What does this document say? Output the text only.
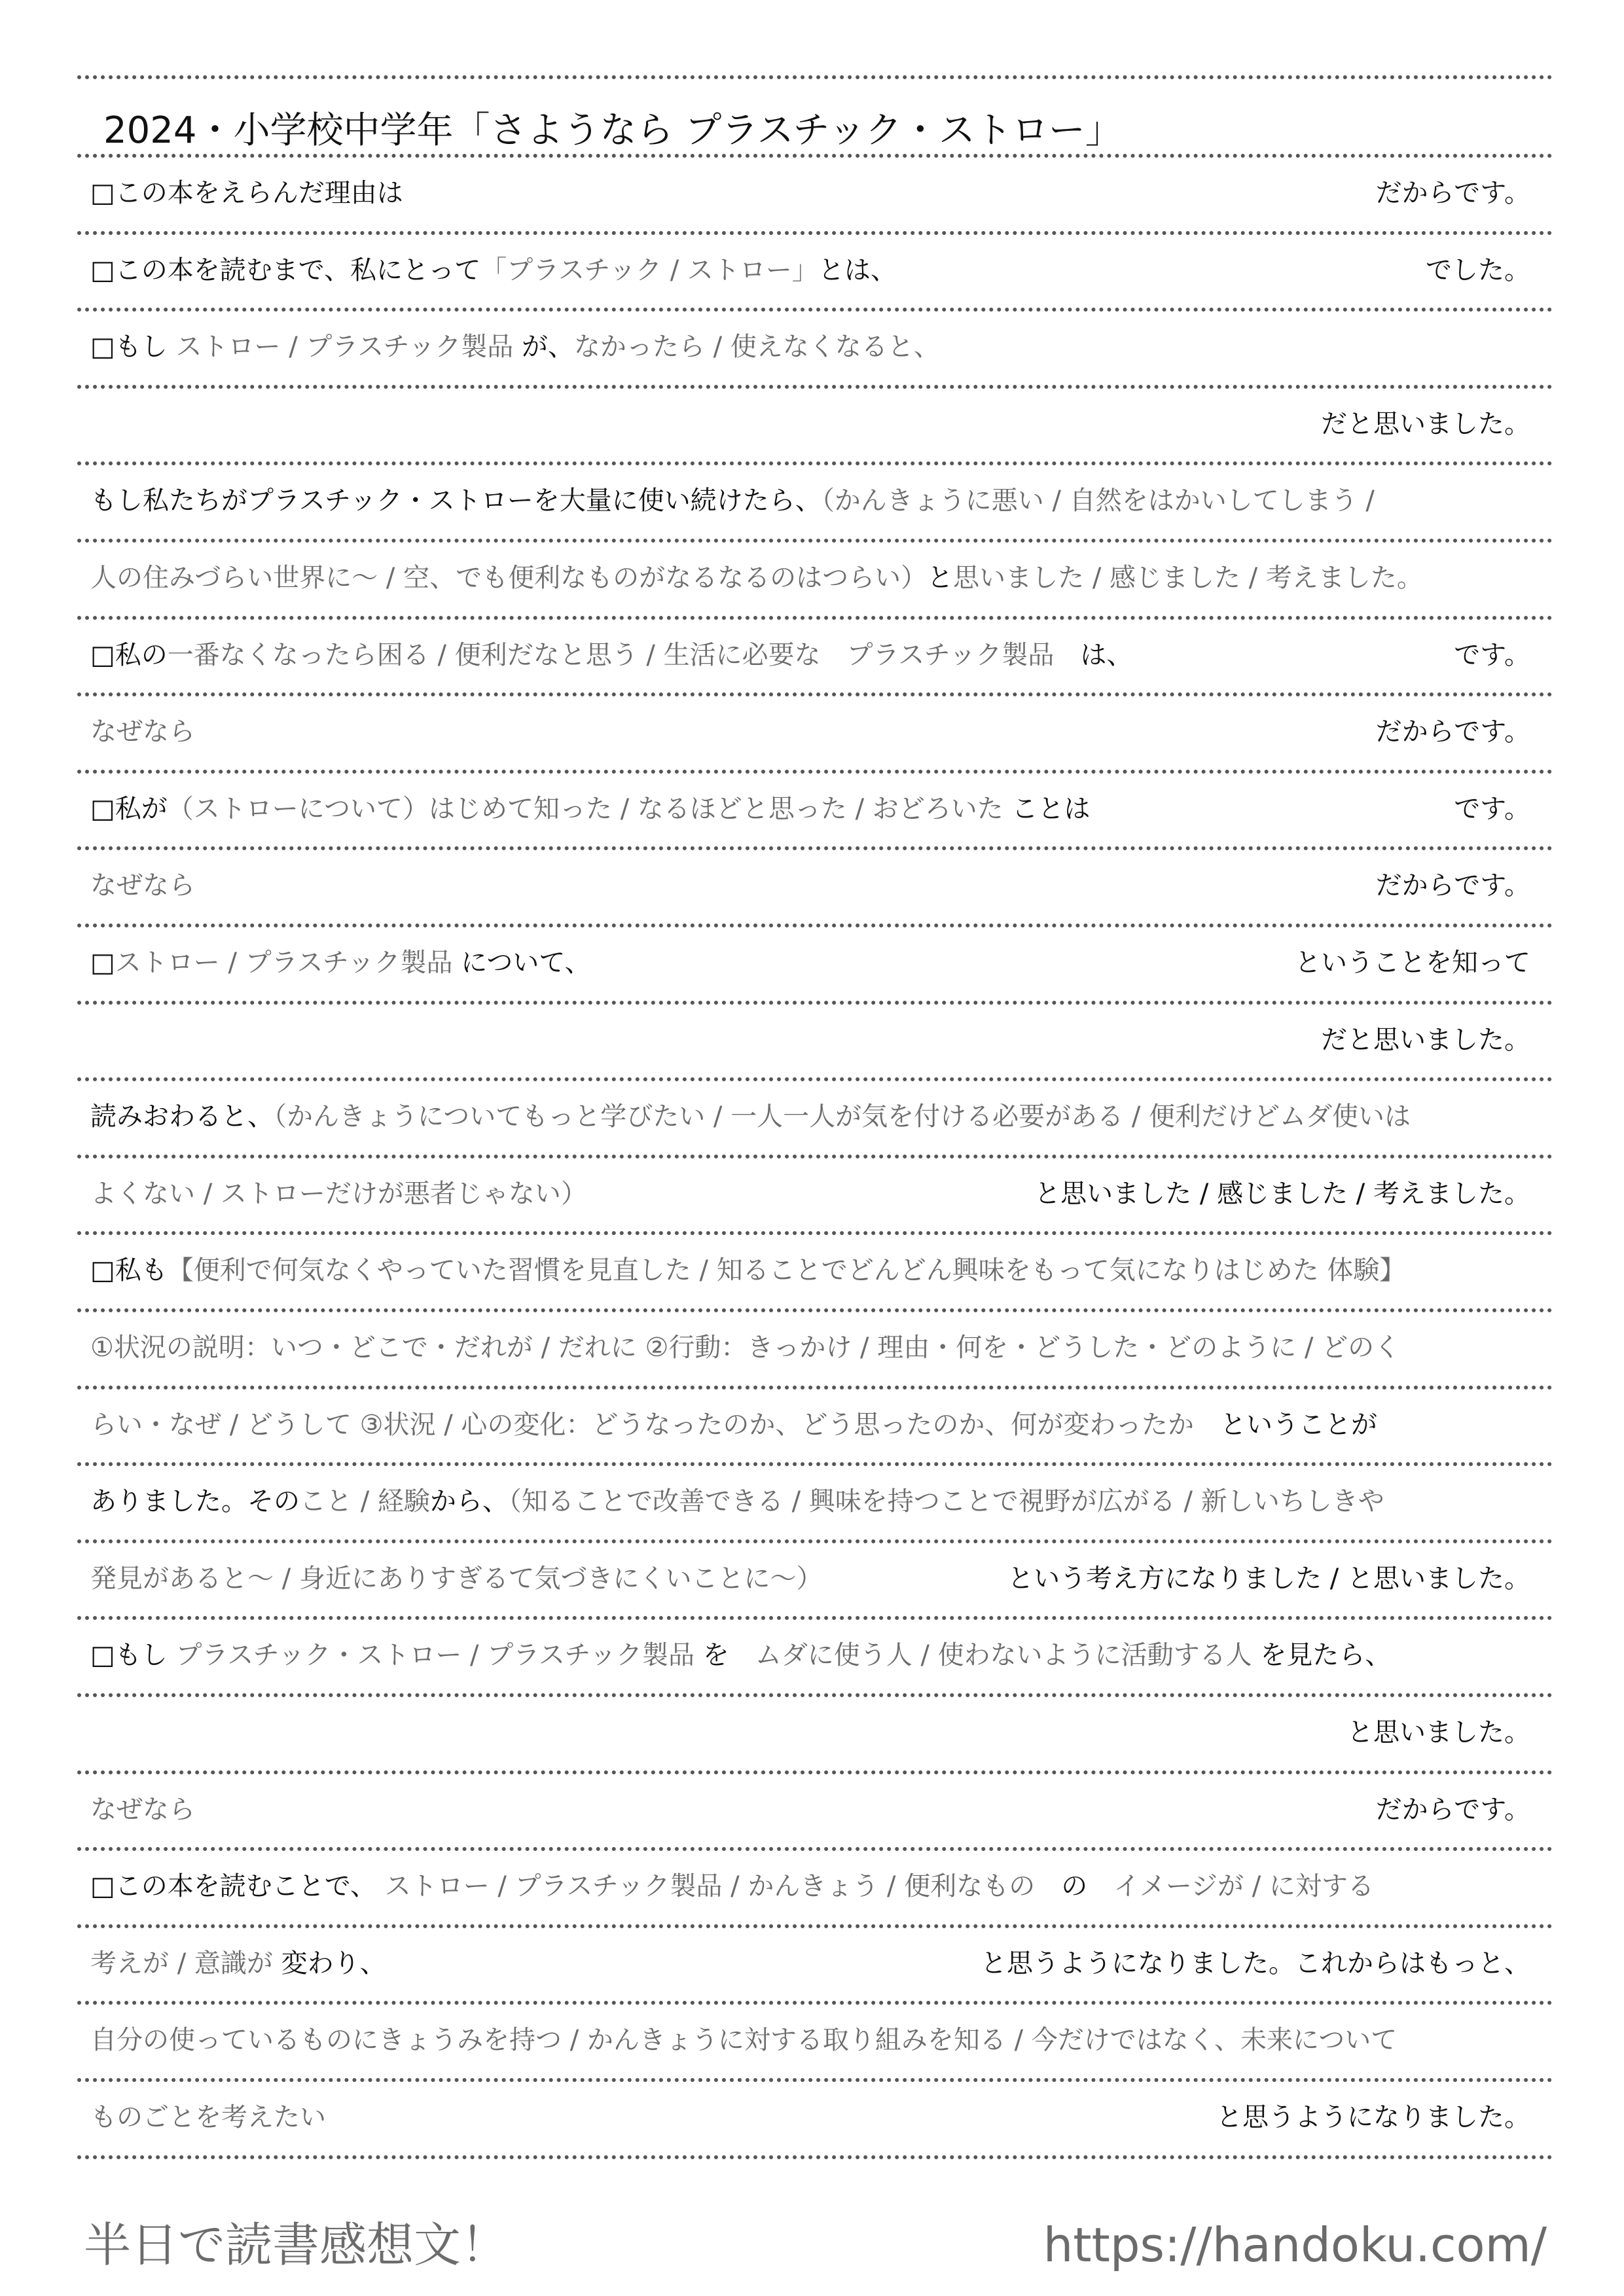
2024・小学校中学年「さようなら プラスチック・ストロー」
□この本をえらんだ理由は	だからです。
□この本を読むまで、私にとって「プラスチック / ストロー」とは、	でした。
□もし ストロー / プラスチック製品 が、なかったら / 使えなくなると、
だと思いました。
もし私たちがプラスチック・ストローを大量に使い続けたら、（かんきょうに悪い / 自然をはかいしてしまう /
人の住みづらい世界に〜 / 空、でも便利なものがなるなるのはつらい）と思いました / 感じました / 考えました。
□私の一番なくなったら困る / 便利だなと思う / 生活に必要な　プラスチック製品　は、	です。
なぜなら	だからです。
□私が（ストローについて）はじめて知った / なるほどと思った / おどろいた ことは	です。
なぜなら	だからです。
□ストロー / プラスチック製品 について、	ということを知って
だと思いました。
読みおわると、（かんきょうについてもっと学びたい / 一人一人が気を付ける必要がある / 便利だけどムダ使いは
よくない / ストローだけが悪者じゃない）	と思いました / 感じました / 考えました。
□私も【便利で何気なくやっていた習慣を見直した / 知ることでどんどん興味をもって気になりはじめた 体験】
①状況の説明：いつ・どこで・だれが / だれに ②行動：きっかけ / 理由・何を・どうした・どのように / どのく
らい・なぜ / どうして ③状況 / 心の変化：どうなったのか、どう思ったのか、何が変わったか　ということが
ありました。そのこと / 経験から、（知ることで改善できる / 興味を持つことで視野が広がる / 新しいちしきや
発見があると〜 / 身近にありすぎるて気づきにくいことに〜）	という考え方になりました / と思いました。
□もし プラスチック・ストロー / プラスチック製品 を　ムダに使う人 / 使わないように活動する人 を見たら、
と思いました。
なぜなら	だからです。
□この本を読むことで、 ストロー / プラスチック製品 / かんきょう / 便利なもの　の　イメージが / に対する
考えが / 意識が 変わり、	と思うようになりました。これからはもっと、
自分の使っているものにきょうみを持つ / かんきょうに対する取り組みを知る / 今だけではなく、未来について
ものごとを考えたい	と思うようになりました。
半日で読書感想文！	https://handoku.com/
